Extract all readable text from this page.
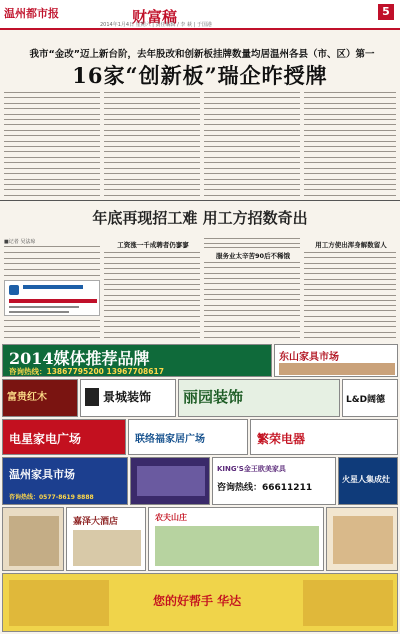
温州都市报	财富稿	5
2014年1月4日 星期六 | 责任编辑 / 李 萩 | 于国港
我市“金改”迈上新台阶，去年股改和创新板挂牌数量均居温州各县（市、区）第一
16家“创新板”瑞企昨授牌
年底再现招工难 用工方招数奇出
■记者 吴法琼	工资涨一千成聘者仍寥寥
服务业太辛苦90后不稀饿
用工方使出浑身解数留人
2014媒体推荐品牌
咨询热线：13867795200 13967708617
东山家具市场
富贵红木	景城装饰 丽园装饰	L&D阔德
电星家电广场	联络福家居广场	繁荣电器
温州家具市场
咨询热线：0577-8619 8888
KING'S金王欧美家具
咨询热线：66611211
火星人集成灶
嘉泽大酒店	农夫山庄
您的好帮手 华达
